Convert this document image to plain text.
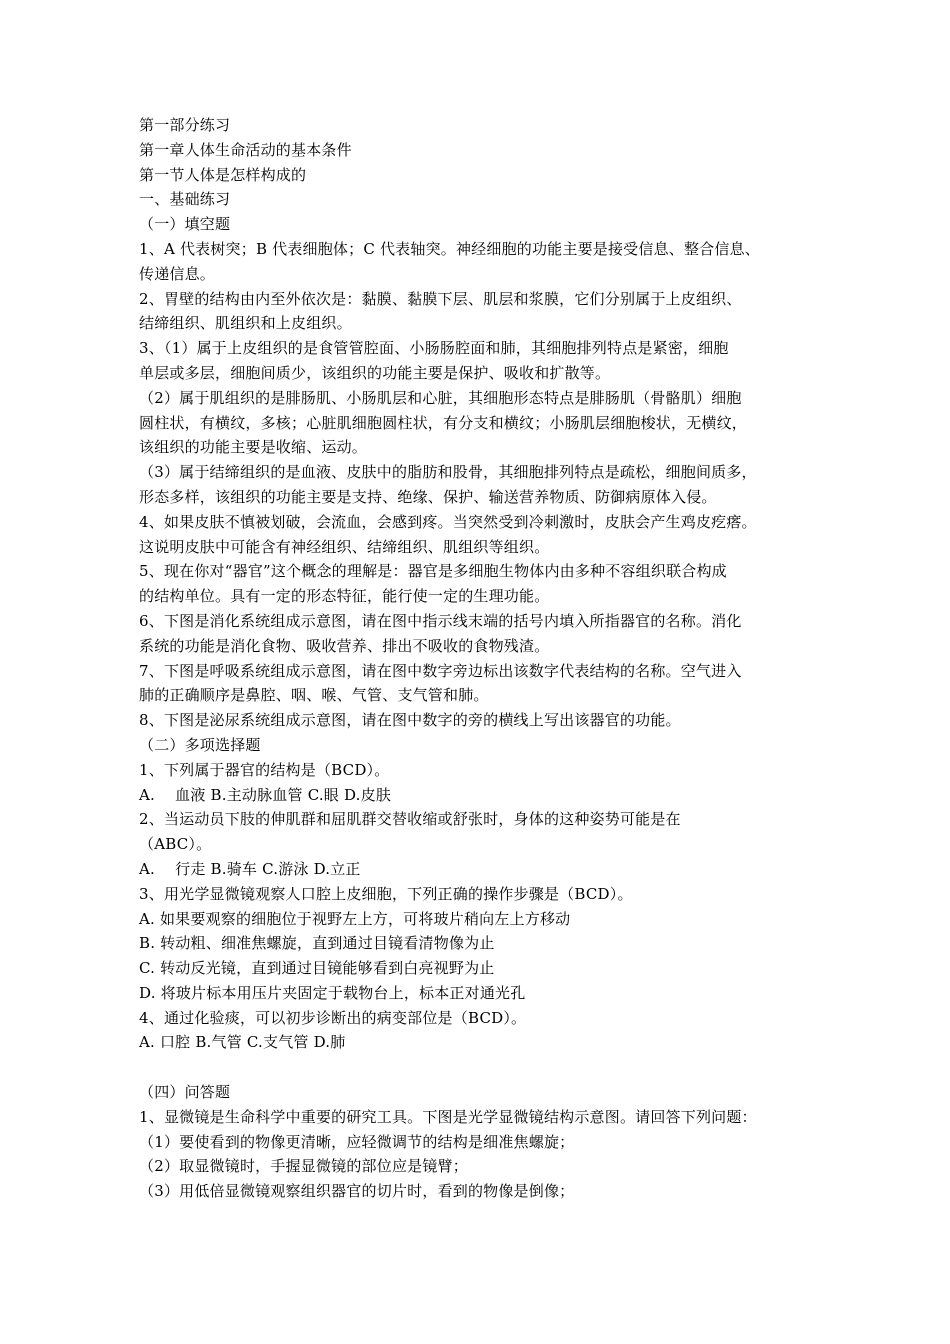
第一部分练习
第一章人体生命活动的基本条件
第一节人体是怎样构成的
一、基础练习
（一）填空题
1、A 代表树突；B 代表细胞体；C 代表轴突。神经细胞的功能主要是接受信息、整合信息、
传递信息。
2、胃壁的结构由内至外依次是：黏膜、黏膜下层、肌层和浆膜，它们分别属于上皮组织、
结缔组织、肌组织和上皮组织。
3、（1）属于上皮组织的是食管管腔面、小肠肠腔面和肺，其细胞排列特点是紧密，细胞
单层或多层，细胞间质少，该组织的功能主要是保护、吸收和扩散等。
（2）属于肌组织的是腓肠肌、小肠肌层和心脏，其细胞形态特点是腓肠肌（骨骼肌）细胞
圆柱状，有横纹，多核；心脏肌细胞圆柱状，有分支和横纹；小肠肌层细胞梭状，无横纹，
该组织的功能主要是收缩、运动。
（3）属于结缔组织的是血液、皮肤中的脂肪和股骨，其细胞排列特点是疏松，细胞间质多，
形态多样，该组织的功能主要是支持、绝缘、保护、输送营养物质、防御病原体入侵。
4、如果皮肤不慎被划破，会流血，会感到疼。当突然受到冷刺激时，皮肤会产生鸡皮疙瘩。
这说明皮肤中可能含有神经组织、结缔组织、肌组织等组织。
5、现在你对“器官”这个概念的理解是：器官是多细胞生物体内由多种不容组织联合构成
的结构单位。具有一定的形态特征，能行使一定的生理功能。
6、下图是消化系统组成示意图，请在图中指示线末端的括号内填入所指器官的名称。消化
系统的功能是消化食物、吸收营养、排出不吸收的食物残渣。
7、下图是呼吸系统组成示意图，请在图中数字旁边标出该数字代表结构的名称。空气进入
肺的正确顺序是鼻腔、咽、喉、气管、支气管和肺。
8、下图是泌尿系统组成示意图，请在图中数字的旁的横线上写出该器官的功能。
（二）多项选择题
1、下列属于器官的结构是（BCD）。
A.　 血液 B.主动脉血管 C.眼 D.皮肤
2、当运动员下肢的伸肌群和屈肌群交替收缩或舒张时，身体的这种姿势可能是在
（ABC）。
A.　 行走 B.骑车 C.游泳 D.立正
3、用光学显微镜观察人口腔上皮细胞，下列正确的操作步骤是（BCD）。
A. 如果要观察的细胞位于视野左上方，可将玻片稍向左上方移动
B. 转动粗、细准焦螺旋，直到通过目镜看清物像为止
C. 转动反光镜，直到通过目镜能够看到白亮视野为止
D. 将玻片标本用压片夹固定于载物台上，标本正对通光孔
4、通过化验痰，可以初步诊断出的病变部位是（BCD）。
A. 口腔 B.气管 C.支气管 D.肺
（四）问答题
1、显微镜是生命科学中重要的研究工具。下图是光学显微镜结构示意图。请回答下列问题：
（1）要使看到的物像更清晰，应轻微调节的结构是细准焦螺旋；
（2）取显微镜时，手握显微镜的部位应是镜臂；
（3）用低倍显微镜观察组织器官的切片时，看到的物像是倒像；
